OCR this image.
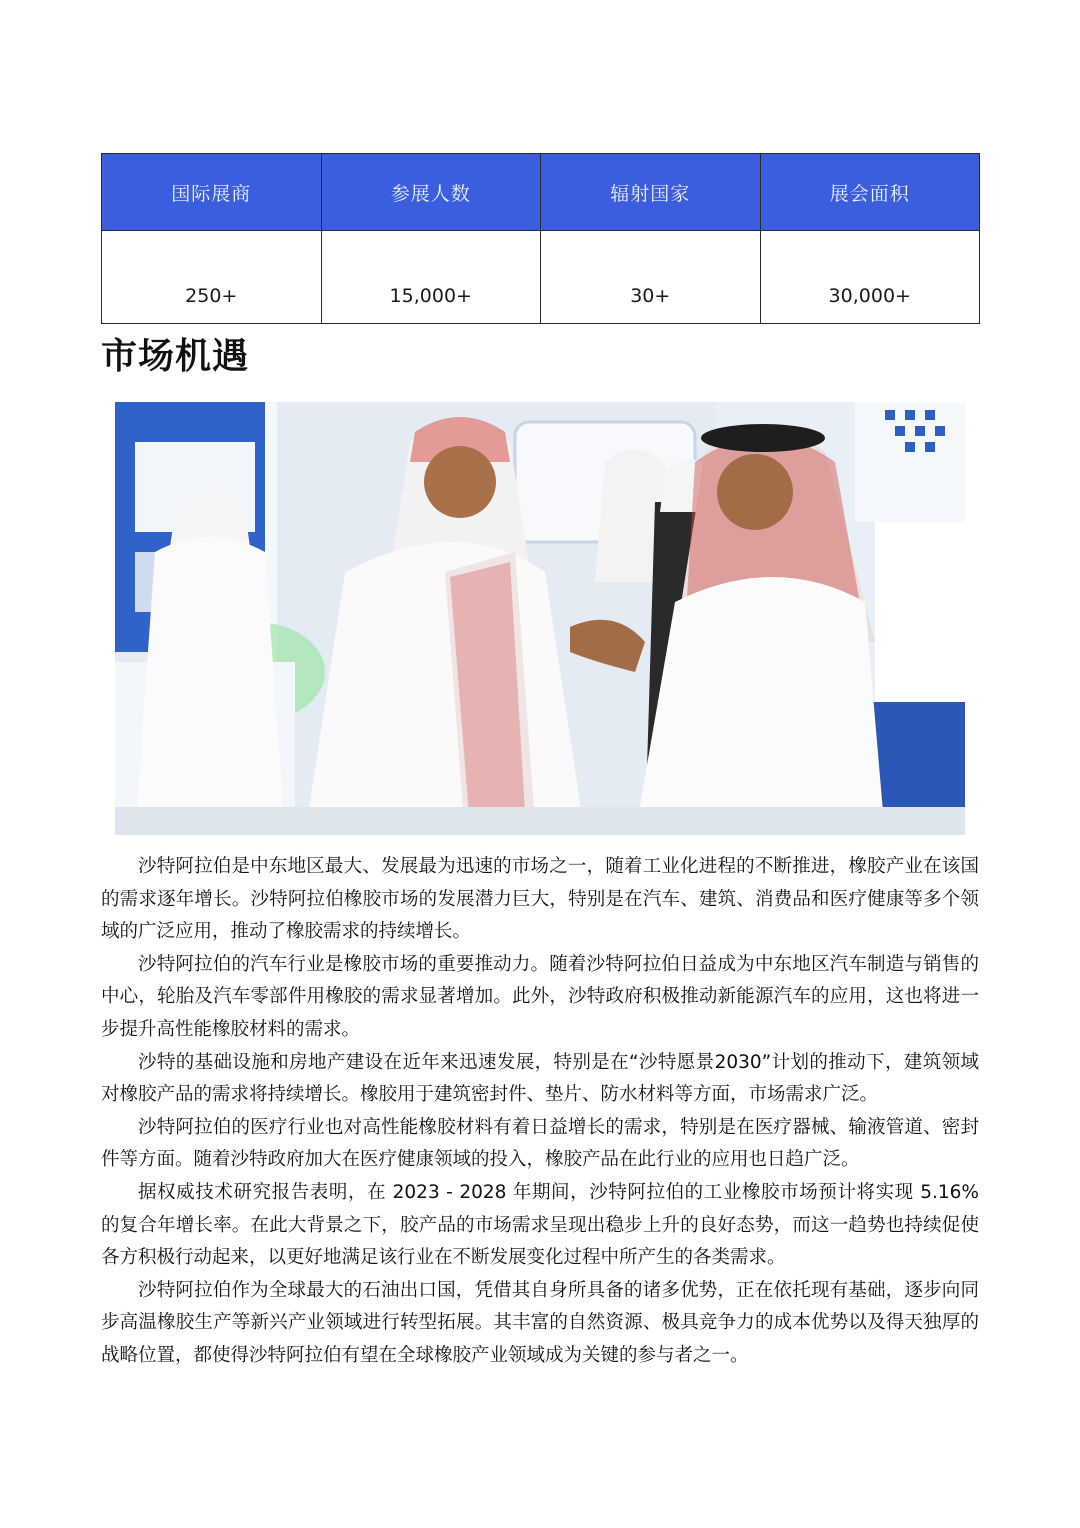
国际展商	参展人数	辐射国家	展会面积
250+	15,000+	30+	30,000+
市场机遇

沙特阿拉伯是中东地区最大、发展最为迅速的市场之一，随着工业化进程的不断推进，橡胶产业在该国的需求逐年增长。沙特阿拉伯橡胶市场的发展潜力巨大，特别是在汽车、建筑、消费品和医疗健康等多个领域的广泛应用，推动了橡胶需求的持续增长。

沙特阿拉伯的汽车行业是橡胶市场的重要推动力。随着沙特阿拉伯日益成为中东地区汽车制造与销售的中心，轮胎及汽车零部件用橡胶的需求显著增加。此外，沙特政府积极推动新能源汽车的应用，这也将进一步提升高性能橡胶材料的需求。

沙特的基础设施和房地产建设在近年来迅速发展，特别是在“沙特愿景2030”计划的推动下，建筑领域对橡胶产品的需求将持续增长。橡胶用于建筑密封件、垫片、防水材料等方面，市场需求广泛。

沙特阿拉伯的医疗行业也对高性能橡胶材料有着日益增长的需求，特别是在医疗器械、输液管道、密封件等方面。随着沙特政府加大在医疗健康领域的投入，橡胶产品在此行业的应用也日趋广泛。

据权威技术研究报告表明，在 2023 - 2028 年期间，沙特阿拉伯的工业橡胶市场预计将实现 5.16% 的复合年增长率。在此大背景之下，胶产品的市场需求呈现出稳步上升的良好态势，而这一趋势也持续促使各方积极行动起来，以更好地满足该行业在不断发展变化过程中所产生的各类需求。

沙特阿拉伯作为全球最大的石油出口国，凭借其自身所具备的诸多优势，正在依托现有基础，逐步向同步高温橡胶生产等新兴产业领域进行转型拓展。其丰富的自然资源、极具竞争力的成本优势以及得天独厚的战略位置，都使得沙特阿拉伯有望在全球橡胶产业领域成为关键的参与者之一。
